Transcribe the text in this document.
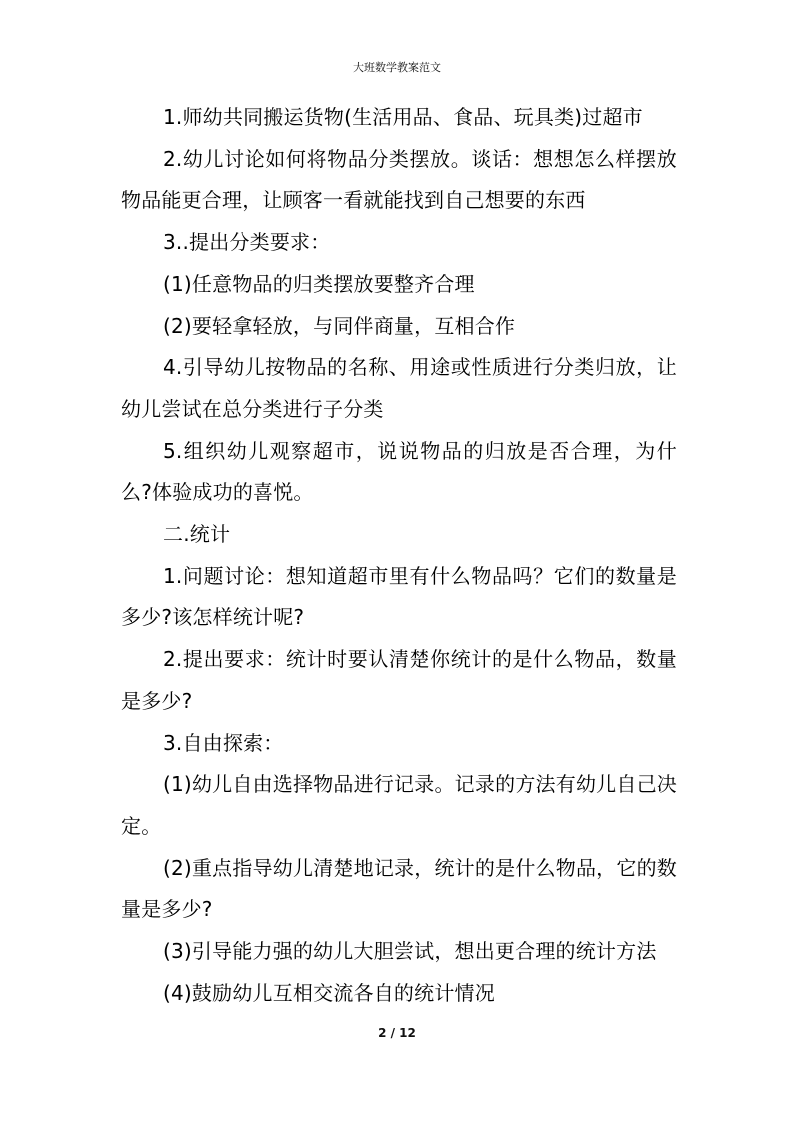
大班数学教案范文

1.师幼共同搬运货物(生活用品、食品、玩具类)过超市

2.幼儿讨论如何将物品分类摆放。谈话：想想怎么样摆放物品能更合理，让顾客一看就能找到自己想要的东西

3..提出分类要求：

(1)任意物品的归类摆放要整齐合理

(2)要轻拿轻放，与同伴商量，互相合作

4.引导幼儿按物品的名称、用途或性质进行分类归放，让幼儿尝试在总分类进行子分类

5.组织幼儿观察超市，说说物品的归放是否合理，为什么?体验成功的喜悦。

二.统计

1.问题讨论：想知道超市里有什么物品吗？它们的数量是多少?该怎样统计呢?

2.提出要求：统计时要认清楚你统计的是什么物品，数量是多少?

3.自由探索：

(1)幼儿自由选择物品进行记录。记录的方法有幼儿自己决定。

(2)重点指导幼儿清楚地记录，统计的是什么物品，它的数量是多少?

(3)引导能力强的幼儿大胆尝试，想出更合理的统计方法

(4)鼓励幼儿互相交流各自的统计情况

2 / 12
